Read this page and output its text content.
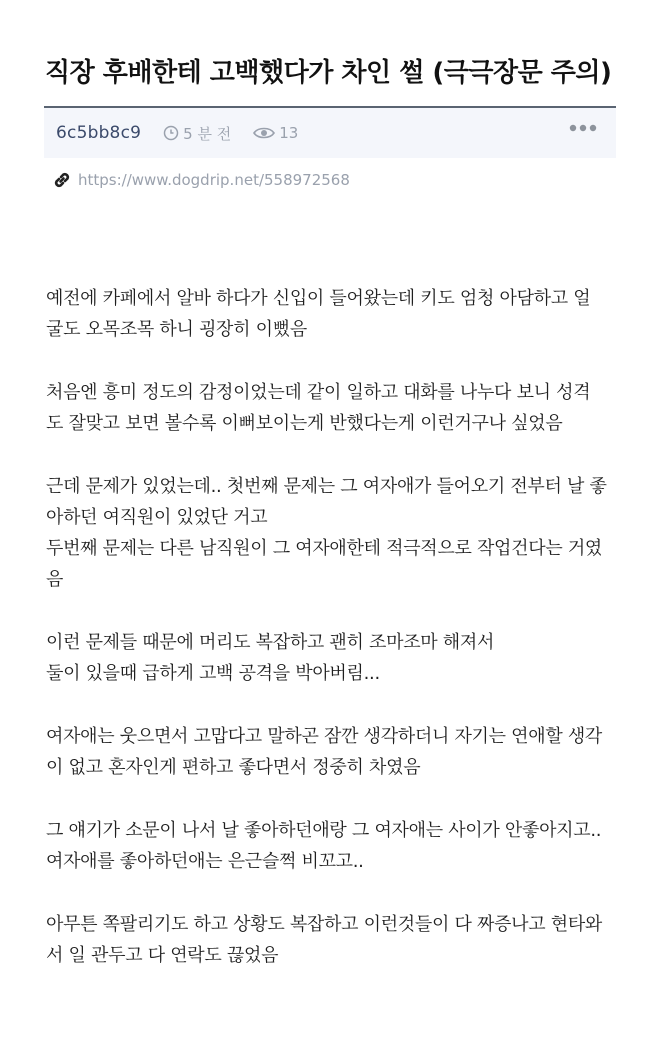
직장 후배한테 고백했다가 차인 썰 (극극장문 주의)
6c5bb8c9	5 분 전	13
https://www.dogdrip.net/558972568
예전에 카페에서 알바 하다가 신입이 들어왔는데 키도 엄청 아담하고 얼
굴도 오목조목 하니 굉장히 이뻤음
처음엔 흥미 정도의 감정이었는데 같이 일하고 대화를 나누다 보니 성격
도 잘맞고 보면 볼수록 이뻐보이는게 반했다는게 이런거구나 싶었음
근데 문제가 있었는데.. 첫번째 문제는 그 여자애가 들어오기 전부터 날 좋
아하던 여직원이 있었단 거고
두번째 문제는 다른 남직원이 그 여자애한테 적극적으로 작업건다는 거였
음
이런 문제들 때문에 머리도 복잡하고 괜히 조마조마 해져서
둘이 있을때 급하게 고백 공격을 박아버림...
여자애는 웃으면서 고맙다고 말하곤 잠깐 생각하더니 자기는 연애할 생각
이 없고 혼자인게 편하고 좋다면서 정중히 차였음
그 얘기가 소문이 나서 날 좋아하던애랑 그 여자애는 사이가 안좋아지고..
여자애를 좋아하던애는 은근슬쩍 비꼬고..
아무튼 쪽팔리기도 하고 상황도 복잡하고 이런것들이 다 짜증나고 현타와
서 일 관두고 다 연락도 끊었음
